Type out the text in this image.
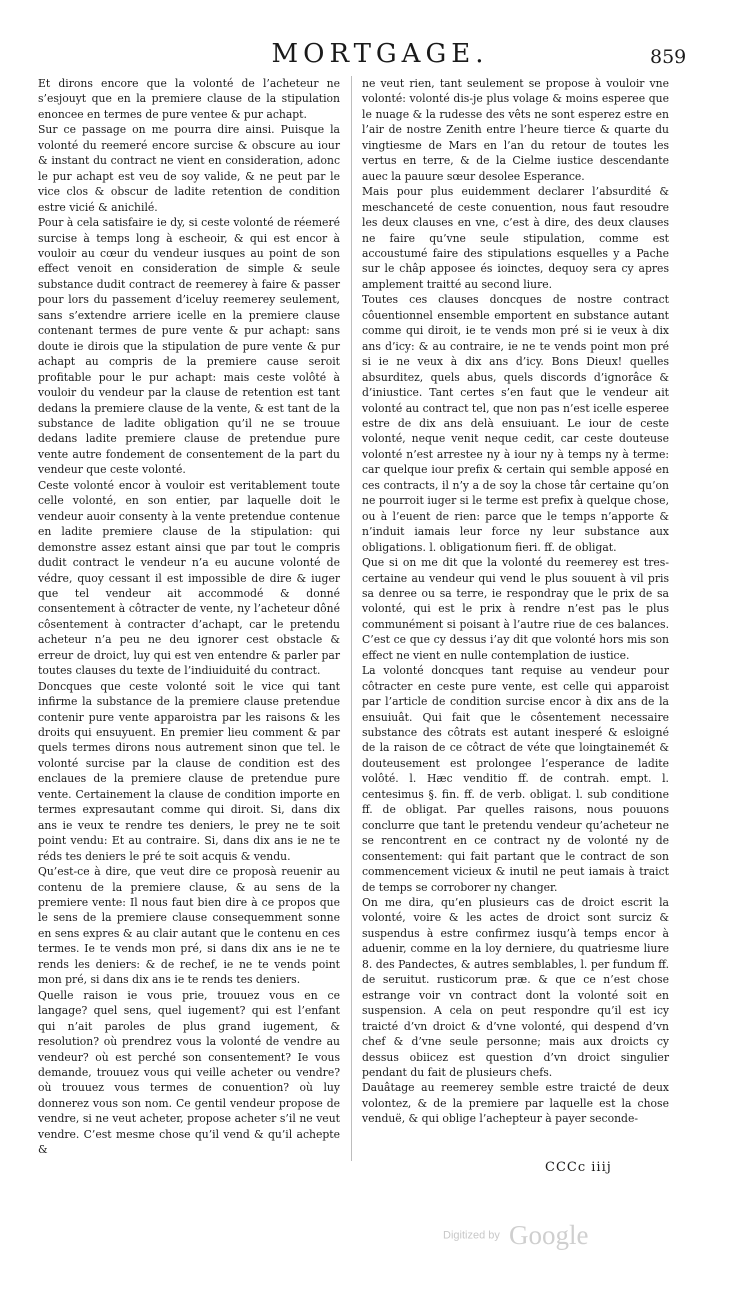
MORTGAGE.	859

Et dirons encore que la volonté de l’acheteur ne s’esjouyt que en la premiere clause de la stipulation enoncee en termes de pure ventee & pur achapt.

Sur ce passage on me pourra dire ainsi. Puisque la volonté du reemeré encore surcise & obscure au iour & instant du contract ne vient en consideration, adonc le pur achapt est veu de soy valide, & ne peut par le vice clos & obscur de ladite retention de condition estre vicié & anichilé.

Pour à cela satisfaire ie dy, si ceste volonté de réemeré surcise à temps long à escheoir, & qui est encor à vouloir au cœur du vendeur iusques au point de son effect venoit en consideration de simple & seule substance dudit contract de reemerey à faire & passer pour lors du passement d’iceluy reemerey seulement, sans s’extendre arriere icelle en la premiere clause contenant termes de pure vente & pur achapt: sans doute ie dirois que la stipulation de pure vente & pur achapt au compris de la premiere cause seroit profitable pour le pur achapt: mais ceste volôté à vouloir du vendeur par la clause de retention est tant dedans la premiere clause de la vente, & est tant de la substance de ladite obligation qu’il ne se trouue dedans ladite premiere clause de pretendue pure vente autre fondement de consentement de la part du vendeur que ceste volonté.

Ceste volonté encor à vouloir est veritablement toute celle volonté, en son entier, par laquelle doit le vendeur auoir consenty à la vente pretendue contenue en ladite premiere clause de la stipulation: qui demonstre assez estant ainsi que par tout le compris dudit contract le vendeur n’a eu aucune volonté de védre, quoy cessant il est impossible de dire & iuger que tel vendeur ait accommodé & donné consentement à côtracter de vente, ny l’acheteur dôné côsentement à contracter d’achapt, car le pretendu acheteur n’a peu ne deu ignorer cest obstacle & erreur de droict, luy qui est ven entendre & parler par toutes clauses du texte de l’indiuiduité du contract.

Doncques que ceste volonté soit le vice qui tant infirme la substance de la premiere clause pretendue contenir pure vente apparoistra par les raisons & les droits qui ensuyuent. En premier lieu comment & par quels termes dirons nous autrement sinon que tel. le volonté surcise par la clause de condition est des enclaues de la premiere clause de pretendue pure vente. Certainement la clause de condition importe en termes expresautant comme qui diroit. Si, dans dix ans ie veux te rendre tes deniers, le prey ne te soit point vendu: Et au contraire. Si, dans dix ans ie ne te réds tes deniers le pré te soit acquis & vendu.

Qu’est-ce à dire, que veut dire ce proposà reuenir au contenu de la premiere clause, & au sens de la premiere vente: Il nous faut bien dire à ce propos que le sens de la premiere clause consequemment sonne en sens expres & au clair autant que le contenu en ces termes. Ie te vends mon pré, si dans dix ans ie ne te rends les deniers: & de rechef, ie ne te vends point mon pré, si dans dix ans ie te rends tes deniers.

Quelle raison ie vous prie, trouuez vous en ce langage? quel sens, quel iugement? qui est l’enfant qui n’ait paroles de plus grand iugement, & resolution? où prendrez vous la volonté de vendre au vendeur? où est perché son consentement? Ie vous demande, trouuez vous qui veille acheter ou vendre? où trouuez vous termes de conuention? où luy donnerez vous son nom. Ce gentil vendeur propose de vendre, si ne veut acheter, propose acheter s’il ne veut vendre. C’est mesme chose qu’il vend & qu’il achepte &

ne veut rien, tant seulement se propose à vouloir vne volonté: volonté dis-je plus volage & moins esperee que le nuage & la rudesse des vêts ne sont esperez estre en l’air de nostre Zenith entre l’heure tierce & quarte du vingtiesme de Mars en l’an du retour de toutes les vertus en terre, & de la Cielme iustice descendante auec la pauure sœur desolee Esperance.

Mais pour plus euidemment declarer l’absurdité & meschanceté de ceste conuention, nous faut resoudre les deux clauses en vne, c’est à dire, des deux clauses ne faire qu’vne seule stipulation, comme est accoustumé faire des stipulations esquelles y a Pache sur le châp apposee és ioinctes, dequoy sera cy apres amplement traitté au second liure.

Toutes ces clauses doncques de nostre contract côuentionnel ensemble emportent en substance autant comme qui diroit, ie te vends mon pré si ie veux à dix ans d’icy: & au contraire, ie ne te vends point mon pré si ie ne veux à dix ans d’icy. Bons Dieux! quelles absurditez, quels abus, quels discords d’ignorâce & d’iniustice. Tant certes s’en faut que le vendeur ait volonté au contract tel, que non pas n’est icelle esperee estre de dix ans delà ensuiuant. Le iour de ceste volonté, neque venit neque cedit, car ceste douteuse volonté n’est arrestee ny à iour ny à temps ny à terme: car quelque iour prefix & certain qui semble apposé en ces contracts, il n’y a de soy la chose târ certaine qu’on ne pourroit iuger si le terme est prefix à quelque chose, ou à l’euent de rien: parce que le temps n’apporte & n’induit iamais leur force ny leur substance aux obligations. l. obligationum fieri. ff. de obligat.

Que si on me dit que la volonté du reemerey est tres-certaine au vendeur qui vend le plus souuent à vil pris sa denree ou sa terre, ie respondray que le prix de sa volonté, qui est le prix à rendre n’est pas le plus communément si poisant à l’autre riue de ces balances. C’est ce que cy dessus i’ay dit que volonté hors mis son effect ne vient en nulle contemplation de iustice.

La volonté doncques tant requise au vendeur pour côtracter en ceste pure vente, est celle qui apparoist par l’article de condition surcise encor à dix ans de la ensuiuât. Qui fait que le côsentement necessaire substance des côtrats est autant inesperé & esloigné de la raison de ce côtract de véte que loingtainemét & douteusement est prolongee l’esperance de ladite volôté. l. Hæc venditio ff. de contrah. empt. l. centesimus §. fin. ff. de verb. obligat. l. sub conditione ff. de obligat. Par quelles raisons, nous pouuons conclurre que tant le pretendu vendeur qu’acheteur ne se rencontrent en ce contract ny de volonté ny de consentement: qui fait partant que le contract de son commencement vicieux & inutil ne peut iamais à traict de temps se corroborer ny changer.

On me dira, qu’en plusieurs cas de droict escrit la volonté, voire & les actes de droict sont surciz & suspendus à estre confirmez iusqu’à temps encor à aduenir, comme en la loy derniere, du quatriesme liure 8. des Pandectes, & autres semblables, l. per fundum ff. de seruitut. rusticorum præ. & que ce n’est chose estrange voir vn contract dont la volonté soit en suspension. A cela on peut respondre qu’il est icy traicté d’vn droict & d’vne volonté, qui despend d’vn chef & d’vne seule personne; mais aux droicts cy dessus obiicez est question d’vn droict singulier pendant du fait de plusieurs chefs.

Dauâtage au reemerey semble estre traicté de deux volontez, & de la premiere par laquelle est la chose venduë, & qui oblige l’achepteur à payer seconde-

CCCc iiij
Digitized by Google
